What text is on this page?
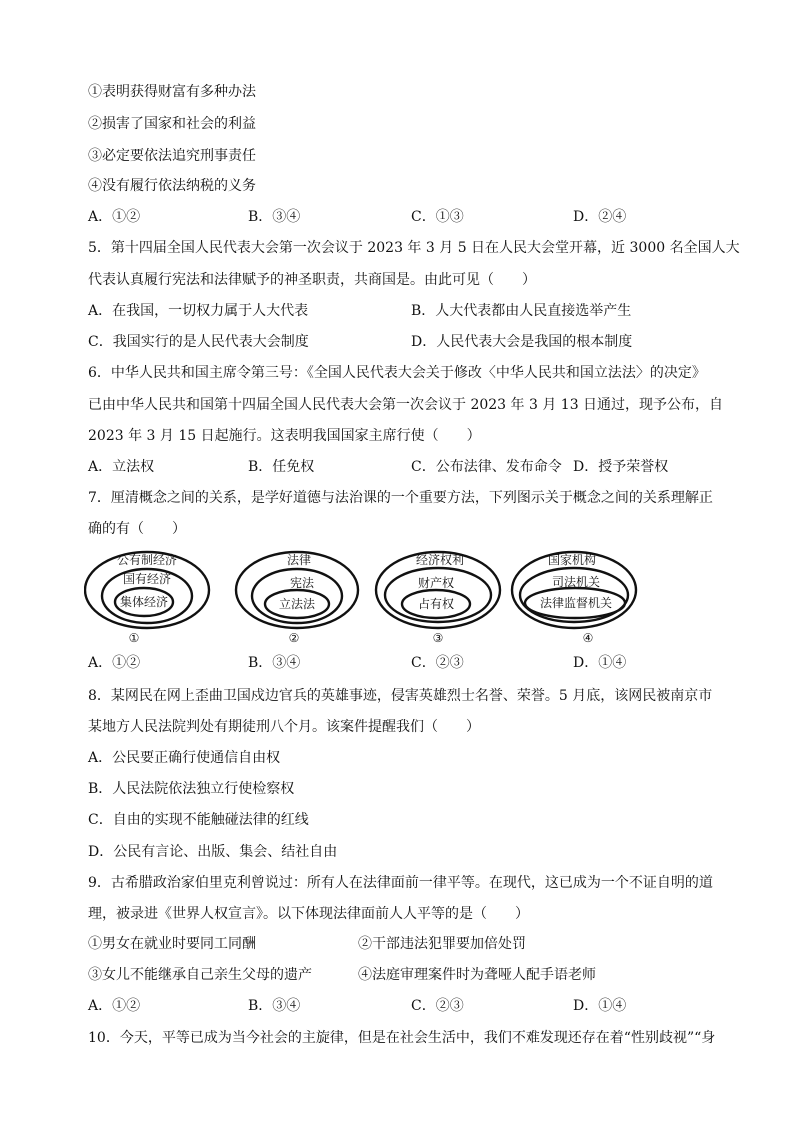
①表明获得财富有多种办法
②损害了国家和社会的利益
③必定要依法追究刑事责任
④没有履行依法纳税的义务
A．①②	B．③④	C．①③	D．②④
5．第十四届全国人民代表大会第一次会议于 2023 年 3 月 5 日在人民大会堂开幕，近 3000 名全国人大
代表认真履行宪法和法律赋予的神圣职责，共商国是。由此可见（　　）
A．在我国，一切权力属于人大代表	B．人大代表都由人民直接选举产生
C．我国实行的是人民代表大会制度	D．人民代表大会是我国的根本制度
6．中华人民共和国主席令第三号：《全国人民代表大会关于修改〈中华人民共和国立法法〉的决定》
已由中华人民共和国第十四届全国人民代表大会第一次会议于 2023 年 3 月 13 日通过，现予公布，自
2023 年 3 月 15 日起施行。这表明我国国家主席行使（　　）
A．立法权	B．任免权	C．公布法律、发布命令 D．授予荣誉权
7．厘清概念之间的关系，是学好道德与法治课的一个重要方法，下列图示关于概念之间的关系理解正
确的有（　　）
公有制经济
国有经济
集体经济
①
法律
宪法
立法法
②
经济权利
财产权
占有权
③
国家机构
司法机关
法律监督机关
④
A．①②	B．③④	C．②③	D．①④
8．某网民在网上歪曲卫国戍边官兵的英雄事迹，侵害英雄烈士名誉、荣誉。5 月底，该网民被南京市
某地方人民法院判处有期徒刑八个月。该案件提醒我们（　　）
A．公民要正确行使通信自由权
B．人民法院依法独立行使检察权
C．自由的实现不能触碰法律的红线
D．公民有言论、出版、集会、结社自由
9．古希腊政治家伯里克利曾说过：所有人在法律面前一律平等。在现代，这已成为一个不证自明的道
理，被录进《世界人权宣言》。以下体现法律面前人人平等的是（　　）
①男女在就业时要同工同酬	②干部违法犯罪要加倍处罚
③女儿不能继承自己亲生父母的遗产	④法庭审理案件时为聋哑人配手语老师
A．①②	B．③④	C．②③	D．①④
10．今天，平等已成为当今社会的主旋律，但是在社会生活中，我们不难发现还存在着“性别歧视”“身
